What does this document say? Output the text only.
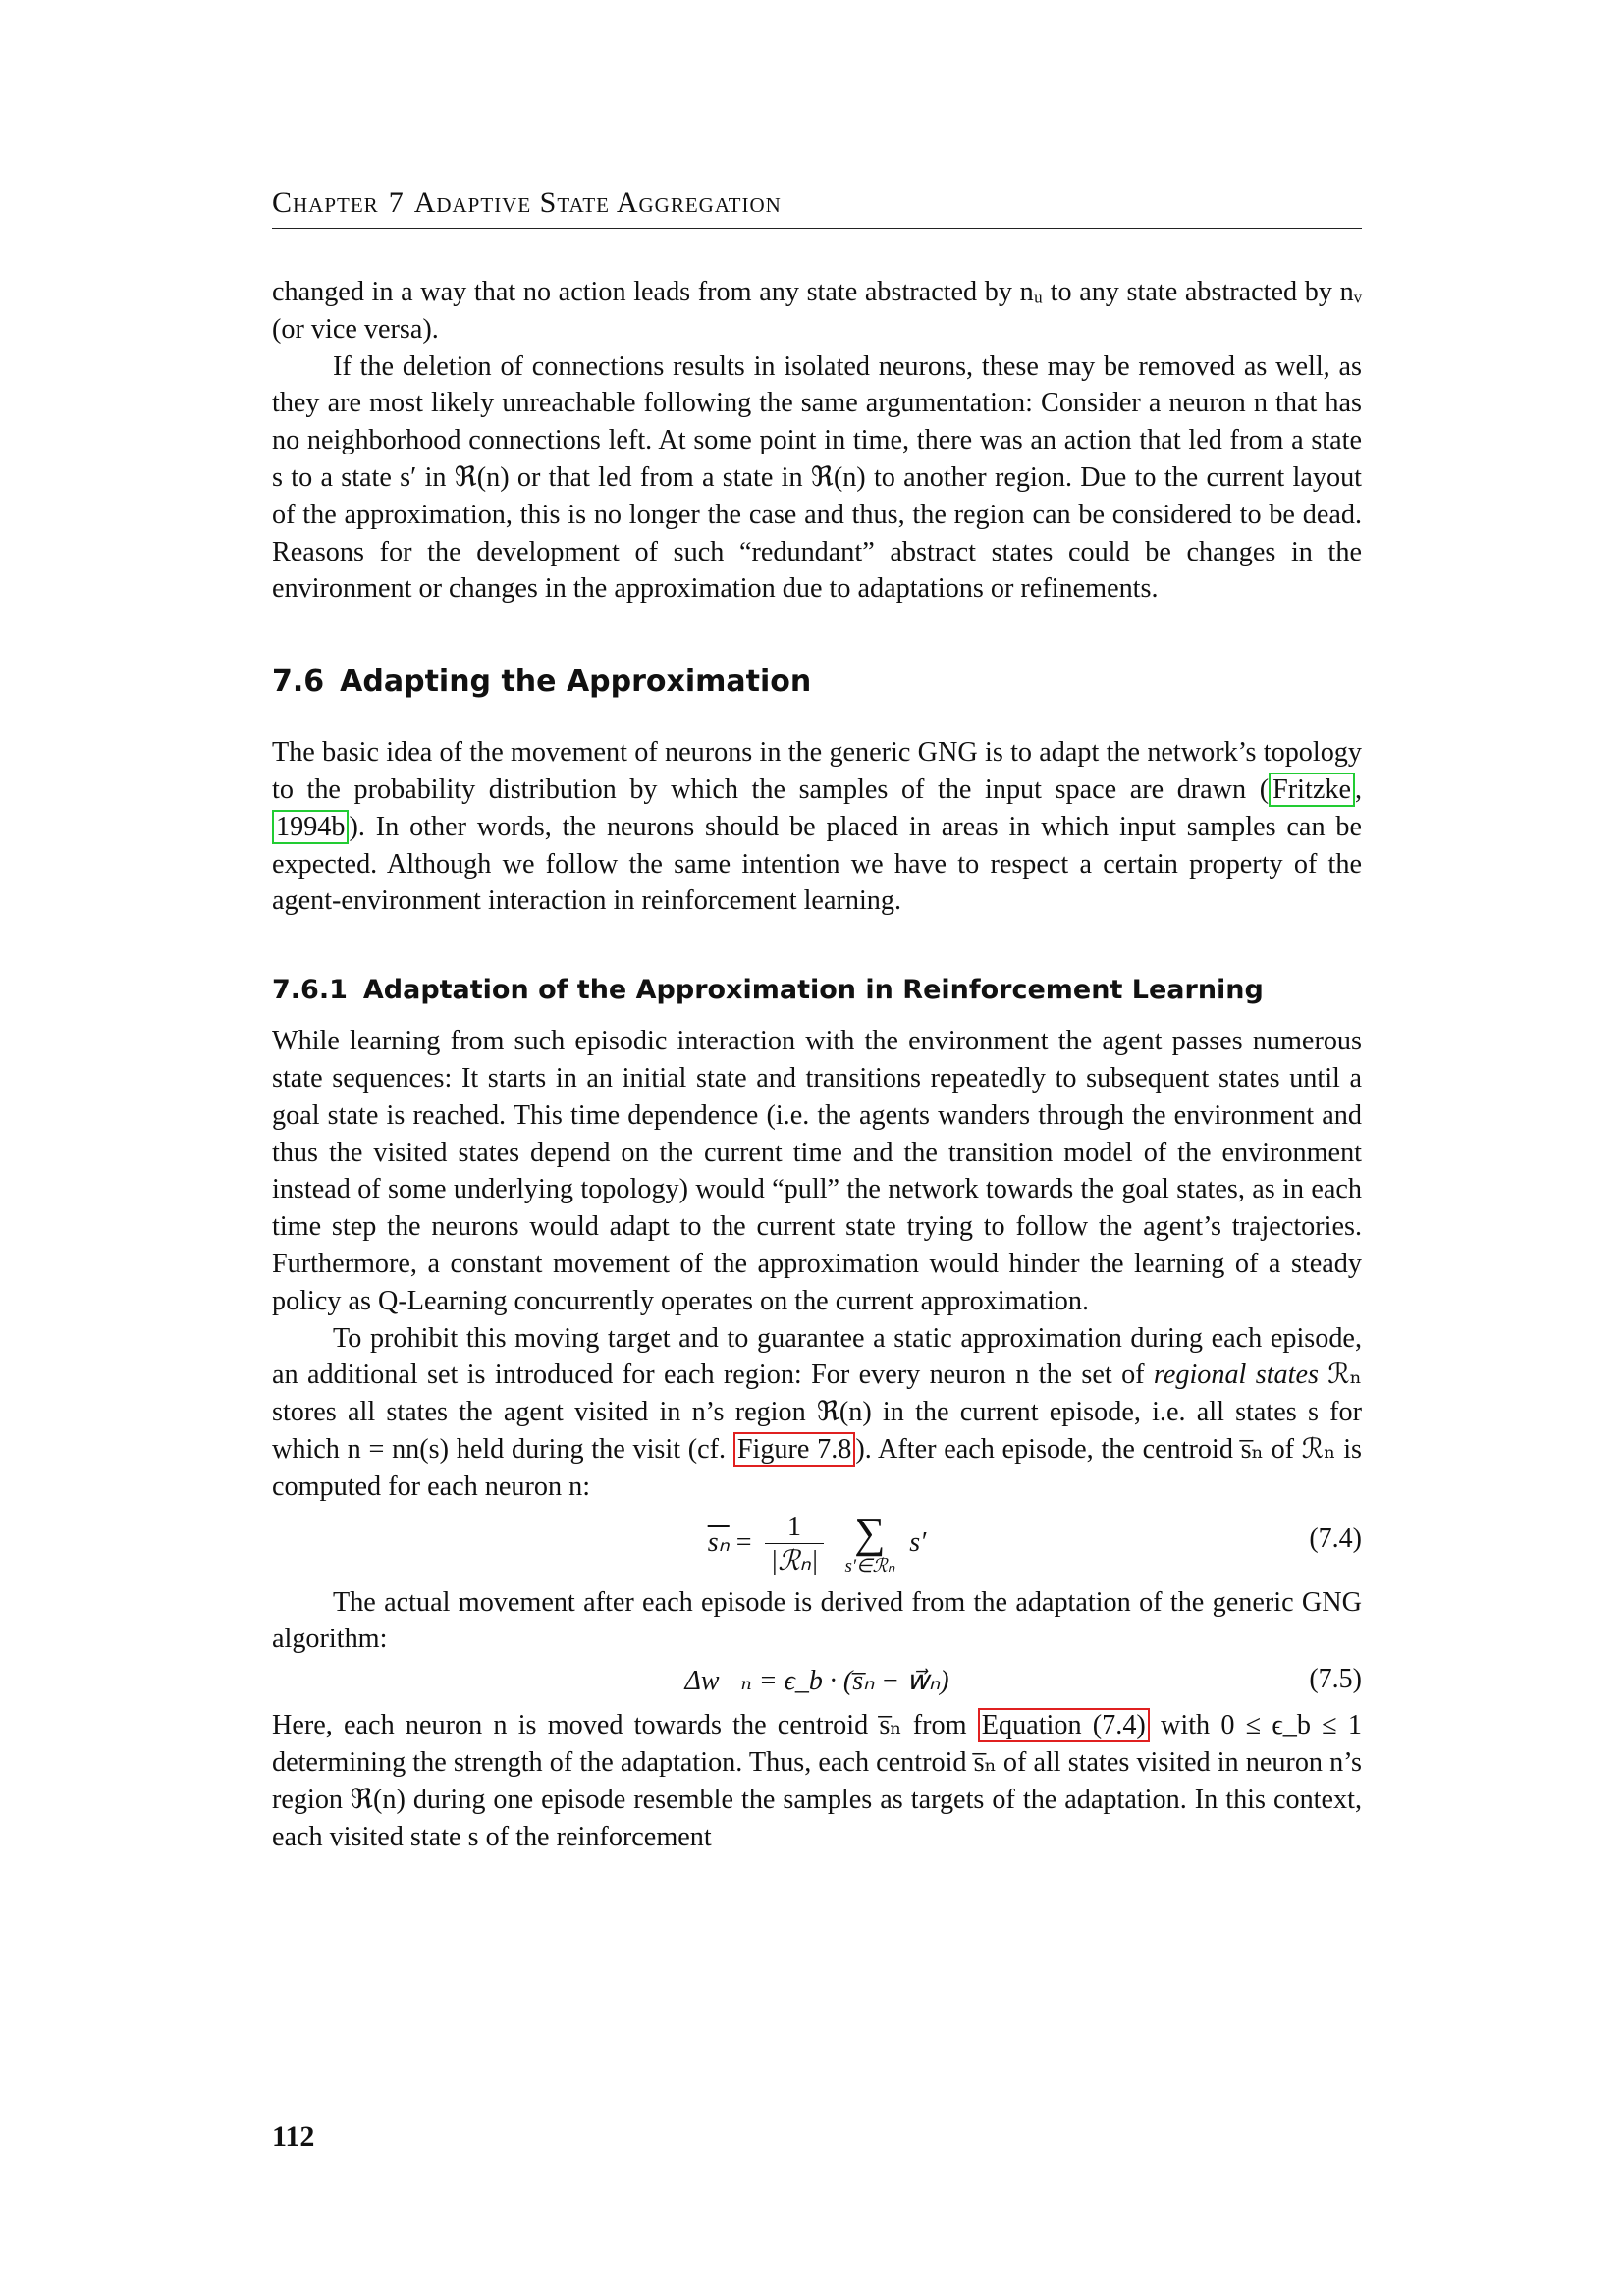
Chapter 7 Adaptive State Aggregation

changed in a way that no action leads from any state abstracted by nᵤ to any state abstracted by nᵥ (or vice versa).

If the deletion of connections results in isolated neurons, these may be removed as well, as they are most likely unreachable following the same argumentation: Consider a neuron n that has no neighborhood connections left. At some point in time, there was an action that led from a state s to a state s′ in ℜ(n) or that led from a state in ℜ(n) to another region. Due to the current layout of the approximation, this is no longer the case and thus, the region can be considered to be dead. Reasons for the development of such “redundant” abstract states could be changes in the environment or changes in the approximation due to adaptations or refinements.

7.6 Adapting the Approximation

The basic idea of the movement of neurons in the generic GNG is to adapt the network’s topology to the probability distribution by which the samples of the input space are drawn ( Fritzke , 1994b ). In other words, the neurons should be placed in areas in which input samples can be expected. Although we follow the same intention we have to respect a certain property of the agent-environment interaction in reinforcement learning.

7.6.1 Adaptation of the Approximation in Reinforcement Learning

While learning from such episodic interaction with the environment the agent passes numerous state sequences: It starts in an initial state and transitions repeatedly to subsequent states until a goal state is reached. This time dependence (i.e. the agents wanders through the environment and thus the visited states depend on the current time and the transition model of the environment instead of some underlying topology) would “pull” the network towards the goal states, as in each time step the neurons would adapt to the current state trying to follow the agent’s trajectories. Furthermore, a constant movement of the approximation would hinder the learning of a steady policy as Q-Learning concurrently operates on the current approximation.

To prohibit this moving target and to guarantee a static approximation during each episode, an additional set is introduced for each region: For every neuron n the set of regional states ℛₙ stores all states the agent visited in n’s region ℜ(n) in the current episode, i.e. all states s for which n = nn(s) held during the visit (cf. Figure 7.8 ). After each episode, the centroid s̅ₙ of ℛₙ is computed for each neuron n:

$\overline{s_n} = \frac{1}{\text{|ℛₙ|}}$
∑
s′∈ℛₙ
s′	(7.4)

The actual movement after each episode is derived from the adaptation of the generic GNG algorithm:

Δw⃗ₙ = ϵ_b · (s̅ₙ − w⃗ₙ)	(7.5)

Here, each neuron n is moved towards the centroid s̅ₙ from Equation (7.4) with 0 ≤ ϵ_b ≤ 1 determining the strength of the adaptation. Thus, each centroid s̅ₙ of all states visited in neuron n’s region ℜ(n) during one episode resemble the samples as targets of the adaptation. In this context, each visited state s of the reinforcement

112
